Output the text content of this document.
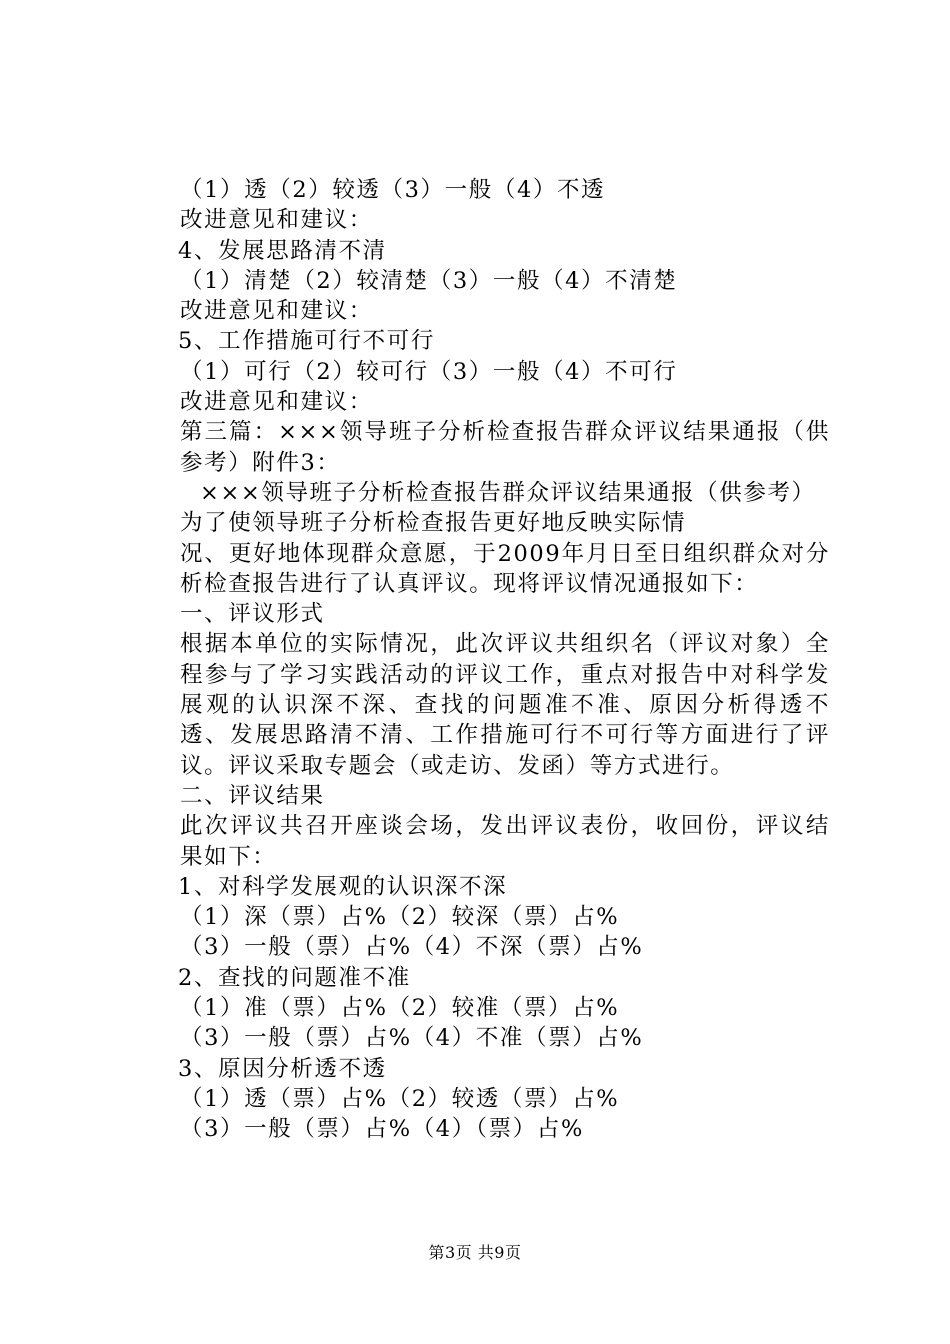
（1）透（2）较透（3）一般（4）不透
改进意见和建议：
4、发展思路清不清
（1）清楚（2）较清楚（3）一般（4）不清楚
改进意见和建议：
5、工作措施可行不可行
（1）可行（2）较可行（3）一般（4）不可行
改进意见和建议：
第三篇：×××领导班子分析检查报告群众评议结果通报（供参考）附件3：
×××领导班子分析检查报告群众评议结果通报（供参考）
为了使领导班子分析检查报告更好地反映实际情
况、更好地体现群众意愿，于2009年月日至日组织群众对分析检查报告进行了认真评议。现将评议情况通报如下：
一、评议形式
根据本单位的实际情况，此次评议共组织名（评议对象）全程参与了学习实践活动的评议工作，重点对报告中对科学发展观的认识深不深、查找的问题准不准、原因分析得透不透、发展思路清不清、工作措施可行不可行等方面进行了评议。评议采取专题会（或走访、发函）等方式进行。
二、评议结果
此次评议共召开座谈会场，发出评议表份，收回份，评议结果如下：
1、对科学发展观的认识深不深
（1）深（票）占%（2）较深（票）占%
（3）一般（票）占%（4）不深（票）占%
2、查找的问题准不准
（1）准（票）占%（2）较准（票）占%
（3）一般（票）占%（4）不准（票）占%
3、原因分析透不透
（1）透（票）占%（2）较透（票）占%
（3）一般（票）占%（4）（票）占%
第3页 共9页
